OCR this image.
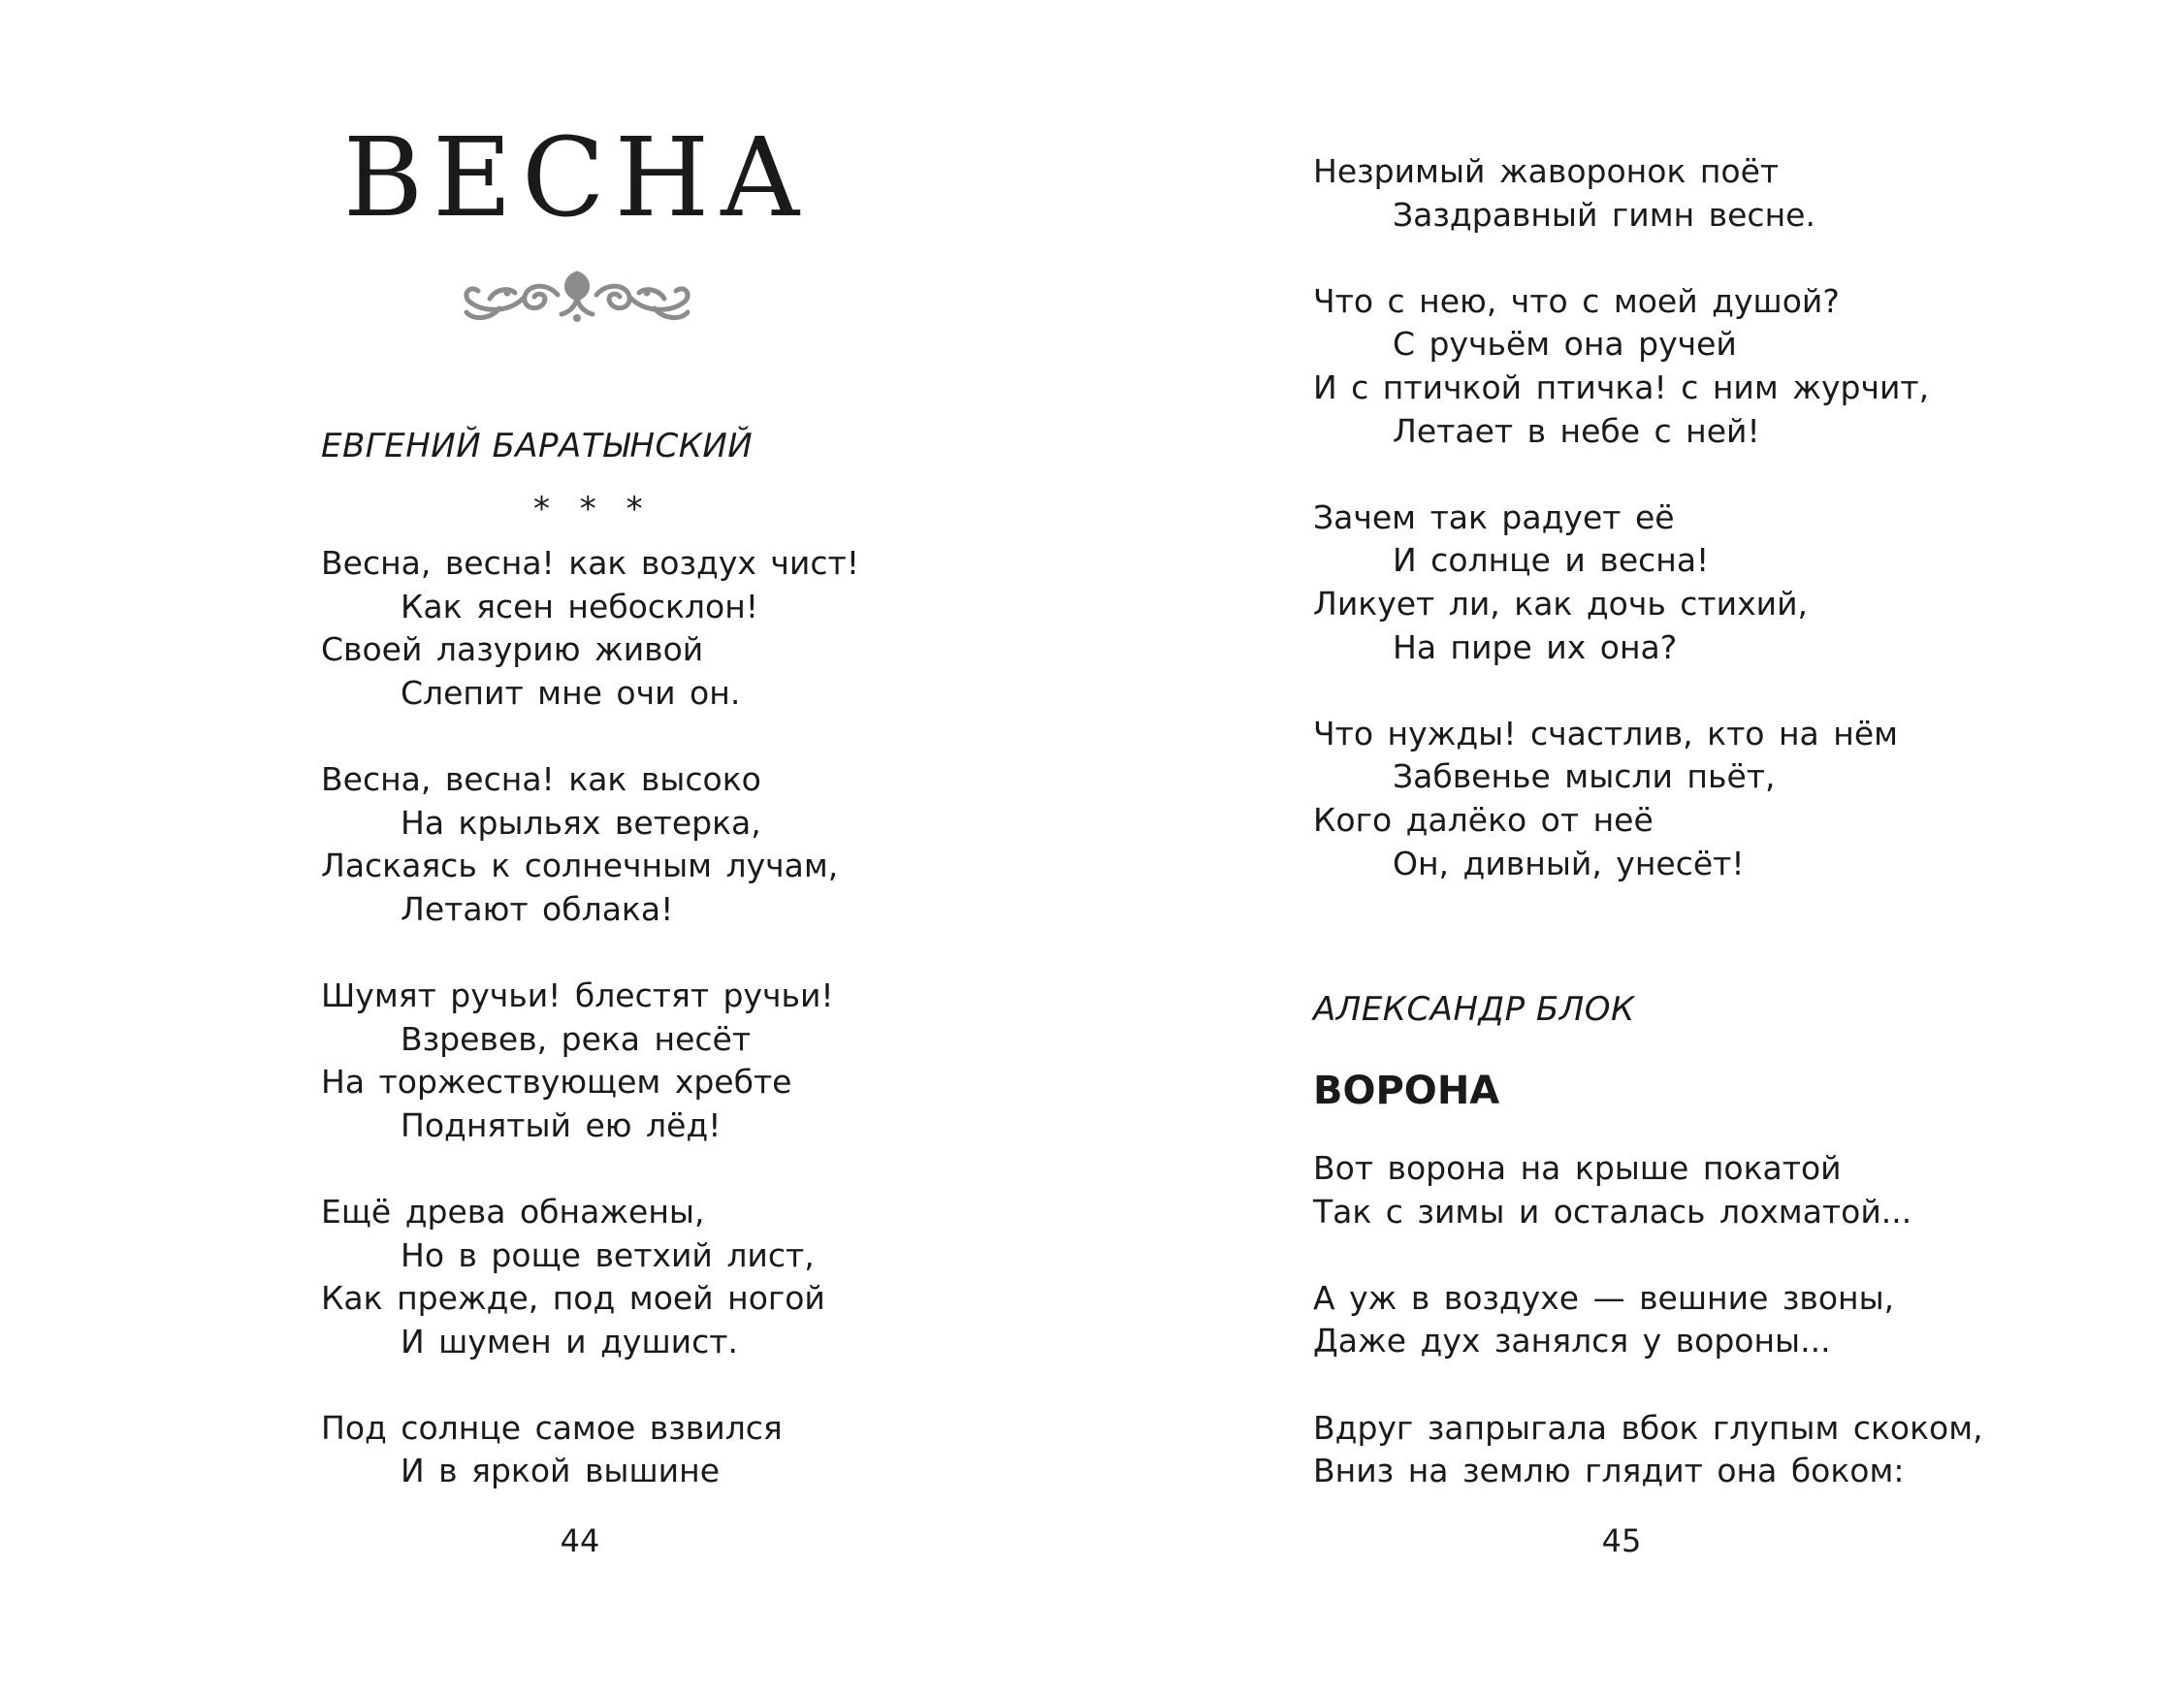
ВЕСНА
ЕВГЕНИЙ БАРАТЫНСКИЙ
* * *
Весна, весна! как воздух чист!
Как ясен небосклон!
Своей лазурию живой
Слепит мне очи он.
Весна, весна! как высоко
На крыльях ветерка,
Ласкаясь к солнечным лучам,
Летают облака!
Шумят ручьи! блестят ручьи!
Взревев, река несёт
На торжествующем хребте
Поднятый ею лёд!
Ещё древа обнажены,
Но в роще ветхий лист,
Как прежде, под моей ногой
И шумен и душист.
Под солнце самое взвился
И в яркой вышине
44
Незримый жаворонок поёт
Заздравный гимн весне.
Что с нею, что с моей душой?
С ручьём она ручей
И с птичкой птичка! с ним журчит,
Летает в небе с ней!
Зачем так радует её
И солнце и весна!
Ликует ли, как дочь стихий,
На пире их она?
Что нужды! счастлив, кто на нём
Забвенье мысли пьёт,
Кого далёко от неё
Он, дивный, унесёт!
АЛЕКСАНДР БЛОК
ВОРОНА
Вот ворона на крыше покатой
Так с зимы и осталась лохматой...
А уж в воздухе — вешние звоны,
Даже дух занялся у вороны...
Вдруг запрыгала вбок глупым скоком,
Вниз на землю глядит она боком:
45
